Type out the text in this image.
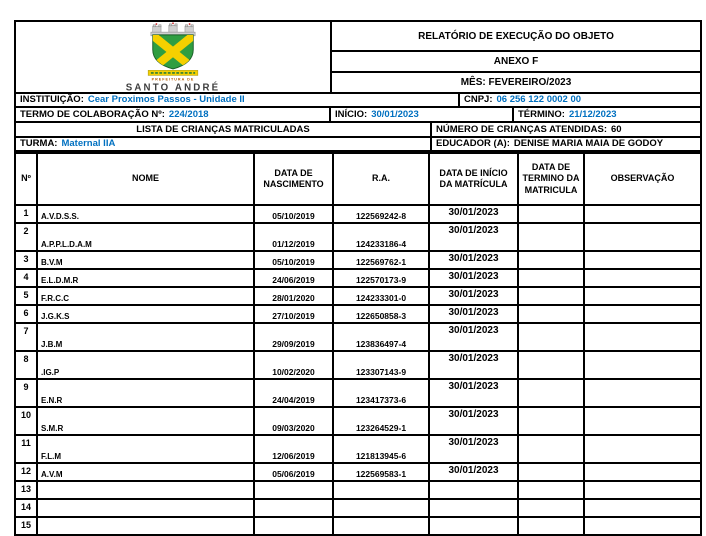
PREFEITURA DE
SANTO ANDRÉ
RELATÓRIO DE EXECUÇÃO DO OBJETO
ANEXO F
MÊS: FEVEREIRO/2023
INSTITUIÇÃO: Cear Proximos Passos - Unidade II	CNPJ: 06 256 122 0002 00
TERMO DE COLABORAÇÃO Nº: 224/2018	INÍCIO: 30/01/2023	TÉRMINO: 21/12/2023
LISTA DE CRIANÇAS MATRICULADAS	NÚMERO DE CRIANÇAS ATENDIDAS: 60
TURMA: Maternal IIA	EDUCADOR (A): DENISE MARIA MAIA DE GODOY
Nº	NOME	DATA DE NASCIMENTO	R.A.	DATA DE INÍCIO DA MATRÍCULA	DATA DE TERMINO DA MATRICULA	OBSERVAÇÃO
1	A.V.D.S.S.	05/10/2019	122569242-8	30/01/2023		
2	A.P.P.L.D.A.M	01/12/2019	124233186-4	30/01/2023		
3	B.V.M	05/10/2019	122569762-1	30/01/2023		
4	E.L.D.M.R	24/06/2019	122570173-9	30/01/2023		
5	F.R.C.C	28/01/2020	124233301-0	30/01/2023		
6	J.G.K.S	27/10/2019	122650858-3	30/01/2023		
7	J.B.M	29/09/2019	123836497-4	30/01/2023		
8	.IG.P	10/02/2020	123307143-9	30/01/2023		
9	E.N.R	24/04/2019	123417373-6	30/01/2023		
10	S.M.R	09/03/2020	123264529-1	30/01/2023		
11	F.L.M	12/06/2019	121813945-6	30/01/2023		
12	A.V.M	05/06/2019	122569583-1	30/01/2023		
13						
14						
15						
